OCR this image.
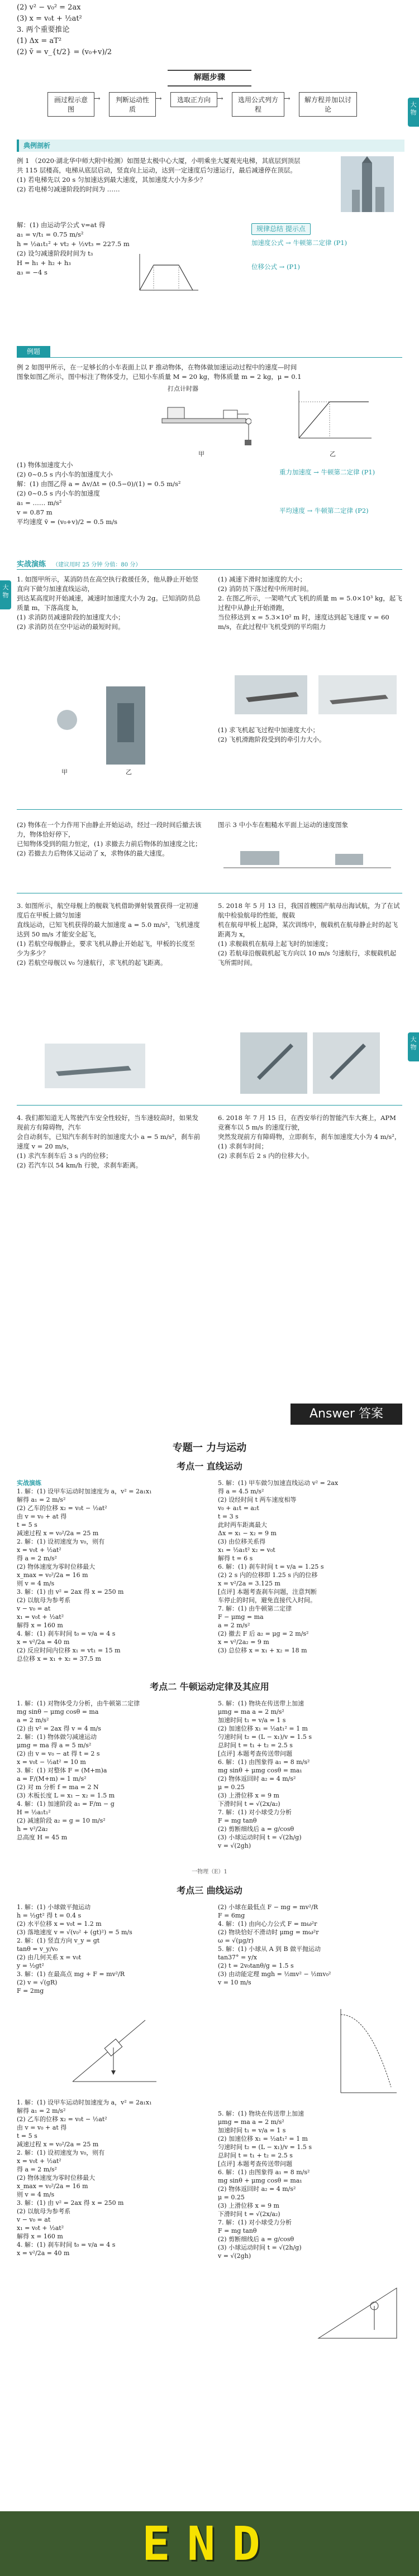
(2) v² − v₀² = 2ax
(3) x = v₀t + ½at²
3. 两个重要推论
(1) Δx = aT²
(2) v̄ = v_{t/2} = (v₀+v)/2
解题步骤
画过程示意图
→	判断运动性质
→	选取正方向 →	选用公式列方程
→	解方程并加以讨论
大
物
典例剖析
例 1 （2020·湖北华中师大附中检测）如图是太极中心大厦，小明乘坐大厦观光电梯，其底层到顶层
共 115 层楼高，电梯从底层启动，竖直向上运动，达到一定速度后匀速运行，最后减速停在顶层。
(1) 若电梯先以 20 s 匀加速达到最大速度，其加速度大小为多少？
(2) 若电梯匀减速阶段的时间为 ……
解：(1) 由运动学公式 v=at 得
a₁ = v/t₁ = 0.75 m/s²
h = ½a₁t₁² + vt₂ + ½vt₃ = 227.5 m
(2) 设匀减速阶段时间为 t₃
H = h₁ + h₂ + h₃
a₃ = −4 s
规律总结 提示点
加速度公式 → 牛顿第二定律 (P1)
位移公式 → (P1)
例题
例 2 如图甲所示，在一足够长的小车表面上以 F 推动物体，在物体做加速运动过程中的速度—时间
图象如图乙所示，图中标注了物体受力，已知小车质量 M = 20 kg，物体质量 m = 2 kg，μ = 0.1
打点计时器
甲	乙
(1) 物体加速度大小
(2) 0~0.5 s 内小车的加速度大小
解：(1) 由图乙得 a = Δv/Δt = (0.5−0)/(1) = 0.5 m/s²
(2) 0~0.5 s 内小车的加速度
a₁ = …… m/s²
v = 0.87 m
平均速度 v̄ = (v₀+v)/2 = 0.5 m/s
重力加速度 → 牛顿第二定律 (P1)
平均速度 → 牛顿第二定律 (P2)
大
物
实战演练 （建议用时 25 分钟 分值：80 分）
1. 如图甲所示，某消防员在高空执行救援任务，他从静止开始竖直向下做匀加速直线运动，
到达某高度时开始减速，减速时加速度大小为 2g。已知消防员总质量 m，下落高度 h，
(1) 求消防员减速阶段的加速度大小；
(2) 求消防员在空中运动的最短时间。
甲	乙
(1) 减速下滑时加速度的大小；
(2) 消防员下落过程中所用时间。
2. 在图乙所示，一架喷气式飞机的质量 m = 5.0×10³ kg，起飞过程中从静止开始滑跑，
当位移达到 x = 5.3×10² m 时，速度达到起飞速度 v = 60 m/s，在此过程中飞机受到的平均阻力
(1) 求飞机起飞过程中加速度大小；
(2) 飞机滑跑阶段受到的牵引力大小。
(2) 物体在一个力作用下由静止开始运动，经过一段时间后撤去该力，物体恰好停下，
已知物体受到的阻力恒定，(1) 求撤去力前后物体的加速度之比；
(2) 若撤去力后物体又运动了 x，求物体的最大速度。
图示 3 中小车在粗糙水平面上运动的速度图象
3. 如图所示，航空母舰上的舰载飞机借助弹射装置获得一定初速度后在甲板上做匀加速
直线运动，已知飞机获得的最大加速度 a = 5.0 m/s²，飞机速度达到 50 m/s 才能安全起飞，
(1) 若航空母舰静止，要求飞机从静止开始起飞，甲板的长度至少为多少？
(2) 若航空母舰以 v₀ 匀速航行，求飞机的起飞距离。
5. 2018 年 5 月 13 日，我国首艘国产航母出海试航，为了在试航中检验航母的性能，舰载
机在航母甲板上起降，某次训练中，舰载机在航母静止时的起飞距离为 x，
(1) 求舰载机在航母上起飞时的加速度；
(2) 若航母沿舰载机起飞方向以 10 m/s 匀速航行，求舰载机起飞所需时间。
4. 我们都知道无人驾驶汽车安全性较好，当车速较高时，如果发现前方有障碍物，汽车
会自动刹车，已知汽车刹车时的加速度大小 a = 5 m/s²，刹车前速度 v = 20 m/s，
(1) 求汽车刹车后 3 s 内的位移；
(2) 若汽车以 54 km/h 行驶，求刹车距离。
6. 2018 年 7 月 15 日，在西安举行的智能汽车大赛上，APM 竞赛车以 5 m/s 的速度行驶，
突然发现前方有障碍物，立即刹车，刹车加速度大小为 4 m/s²，(1) 求刹车时间；
(2) 求刹车后 2 s 内的位移大小。
大
物
Answer 答案
专题一 力与运动
考点一 直线运动
实战演练
1. 解：(1) 设甲车运动时加速度为 a，v² = 2a₁x₁
解得 a₁ = 2 m/s²
(2) 乙车的位移 x₂ = v₀t − ½at²
由 v = v₀ + at 得
t = 5 s
减速过程 x = v₀²/2a = 25 m
2. 解：(1) 设初速度为 v₀，则有
x = v₀t + ½at²
得 a = 2 m/s²
(2) 物体速度为零时位移最大
x_max = v₀²/2a = 16 m
则 v = 4 m/s
3. 解：(1) 由 v² = 2ax 得 x = 250 m
(2) 以航母为参考系
v − v₀ = at
x₁ = v₀t + ½at²
解得 x = 160 m
4. 解：(1) 刹车时间 t₀ = v/a = 4 s
x = v²/2a = 40 m
(2) 反应时间内位移 x₁ = vt₁ = 15 m
总位移 x = x₁ + x₂ = 37.5 m
5. 解：(1) 甲车做匀加速直线运动 v² = 2ax
得 a = 4.5 m/s²
(2) 设经时间 t 两车速度相等
v₀ + a₁t = a₂t
t = 3 s
此时两车距离最大
Δx = x₁ − x₂ = 9 m
(3) 由位移关系得
x₁ = ½a₁t² x₂ = v₀t
解得 t = 6 s
6. 解：(1) 刹车时间 t = v/a = 1.25 s
(2) 2 s 内的位移即 1.25 s 内的位移
x = v²/2a = 3.125 m
[点评] 本题考查刹车问题，注意判断
车停止的时间，避免直接代入时间。
7. 解：(1) 由牛顿第二定律
F − μmg = ma
a = 2 m/s²
(2) 撤去 F 后 a₂ = μg = 2 m/s²
x = v²/2a₂ = 9 m
(3) 总位移 x = x₁ + x₂ = 18 m
考点二 牛顿运动定律及其应用
1. 解：(1) 对物体受力分析，由牛顿第二定律
mg sinθ − μmg cosθ = ma
a = 2 m/s²
(2) 由 v² = 2ax 得 v = 4 m/s
2. 解：(1) 物体做匀减速运动
μmg = ma 得 a = 5 m/s²
(2) 由 v = v₀ − at 得 t = 2 s
x = v₀t − ½at² = 10 m
3. 解：(1) 对整体 F = (M+m)a
a = F/(M+m) = 1 m/s²
(2) 对 m 分析 f = ma = 2 N
(3) 木板长度 L = x₁ − x₂ = 1.5 m
4. 解：(1) 加速阶段 a₁ = F/m − g
H = ½a₁t₁²
(2) 减速阶段 a₂ = g = 10 m/s²
h = v²/2a₂
总高度 H = 45 m
5. 解：(1) 物块在传送带上加速
μmg = ma a = 2 m/s²
加速时间 t₁ = v/a = 1 s
(2) 加速位移 x₁ = ½at₁² = 1 m
匀速时间 t₂ = (L − x₁)/v = 1.5 s
总时间 t = t₁ + t₂ = 2.5 s
[点评] 本题考查传送带问题
6. 解：(1) 由图象得 a₁ = 8 m/s²
mg sinθ + μmg cosθ = ma₁
(2) 物体返回时 a₂ = 4 m/s²
μ = 0.25
(3) 上滑位移 x = 9 m
下滑时间 t = √(2x/a₂)
7. 解：(1) 对小球受力分析
F = mg tanθ
(2) 剪断细线后 a = g/cosθ
(3) 小球运动时间 t = √(2h/g)
v = √(2gh)
一物理（E）1
考点三 曲线运动
1. 解：(1) 小球做平抛运动
h = ½gt² 得 t = 0.4 s
(2) 水平位移 x = v₀t = 1.2 m
(3) 落地速度 v = √(v₀² + (gt)²) = 5 m/s
2. 解：(1) 竖直方向 v_y = gt
tanθ = v_y/v₀
(2) 由几何关系 x = v₀t
y = ½gt²
3. 解：(1) 在最高点 mg + F = mv²/R
(2) v = √(gR)
F = 2mg
1. 解：(1) 设甲车运动时加速度为 a，v² = 2a₁x₁
解得 a₁ = 2 m/s²
(2) 乙车的位移 x₂ = v₀t − ½at²
由 v = v₀ + at 得
t = 5 s
减速过程 x = v₀²/2a = 25 m
2. 解：(1) 设初速度为 v₀，则有
x = v₀t + ½at²
得 a = 2 m/s²
(2) 物体速度为零时位移最大
x_max = v₀²/2a = 16 m
则 v = 4 m/s
3. 解：(1) 由 v² = 2ax 得 x = 250 m
(2) 以航母为参考系
v − v₀ = at
x₁ = v₀t + ½at²
解得 x = 160 m
4. 解：(1) 刹车时间 t₀ = v/a = 4 s
x = v²/2a = 40 m
(2) 小球在最低点 F − mg = mv²/R
F = 6mg
4. 解：(1) 由向心力公式 F = mω²r
(2) 物块恰好不滑动时 μmg = mω²r
ω = √(μg/r)
5. 解：(1) 小球从 A 到 B 做平抛运动
tan37° = y/x
(2) t = 2v₀tanθ/g = 1.5 s
(3) 由动能定理 mgh = ½mv² − ½mv₀²
v = 10 m/s
5. 解：(1) 物块在传送带上加速
μmg = ma a = 2 m/s²
加速时间 t₁ = v/a = 1 s
(2) 加速位移 x₁ = ½at₁² = 1 m
匀速时间 t₂ = (L − x₁)/v = 1.5 s
总时间 t = t₁ + t₂ = 2.5 s
[点评] 本题考查传送带问题
6. 解：(1) 由图象得 a₁ = 8 m/s²
mg sinθ + μmg cosθ = ma₁
(2) 物体返回时 a₂ = 4 m/s²
μ = 0.25
(3) 上滑位移 x = 9 m
下滑时间 t = √(2x/a₂)
7. 解：(1) 对小球受力分析
F = mg tanθ
(2) 剪断细线后 a = g/cosθ
(3) 小球运动时间 t = √(2h/g)
v = √(2gh)
END
